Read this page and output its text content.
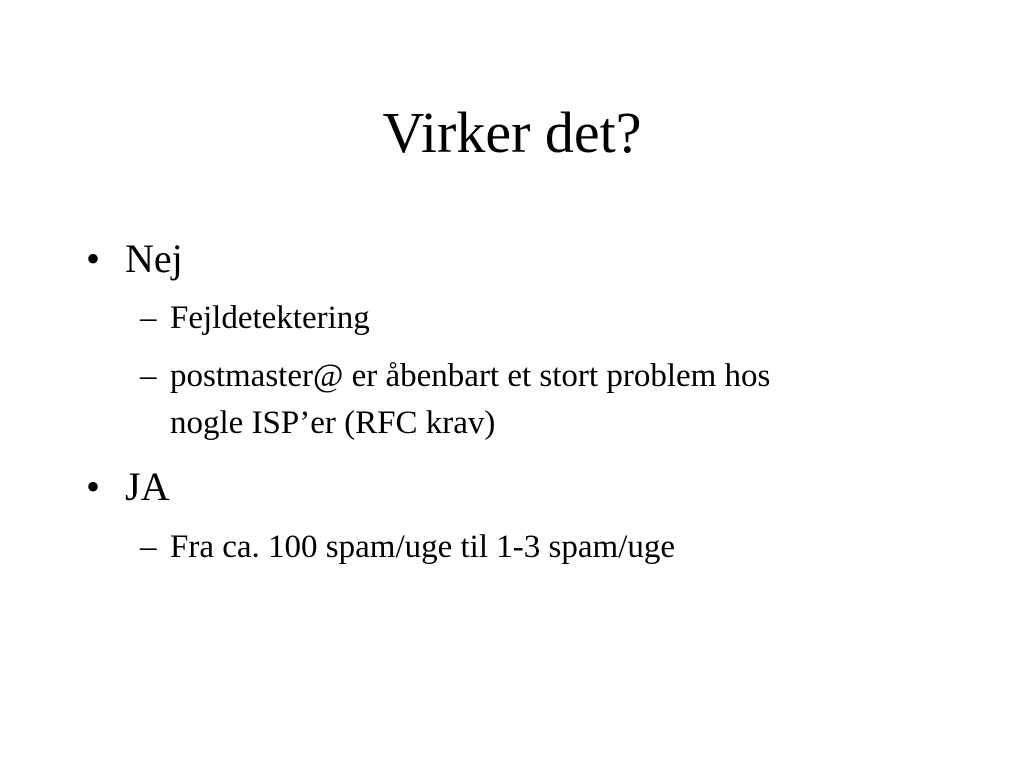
Virker det?
• Nej
– Fejldetektering
– postmaster@ er åbenbart et stort problem hos
nogle ISP’er (RFC krav)
• JA
– Fra ca. 100 spam/uge til 1-3 spam/uge
